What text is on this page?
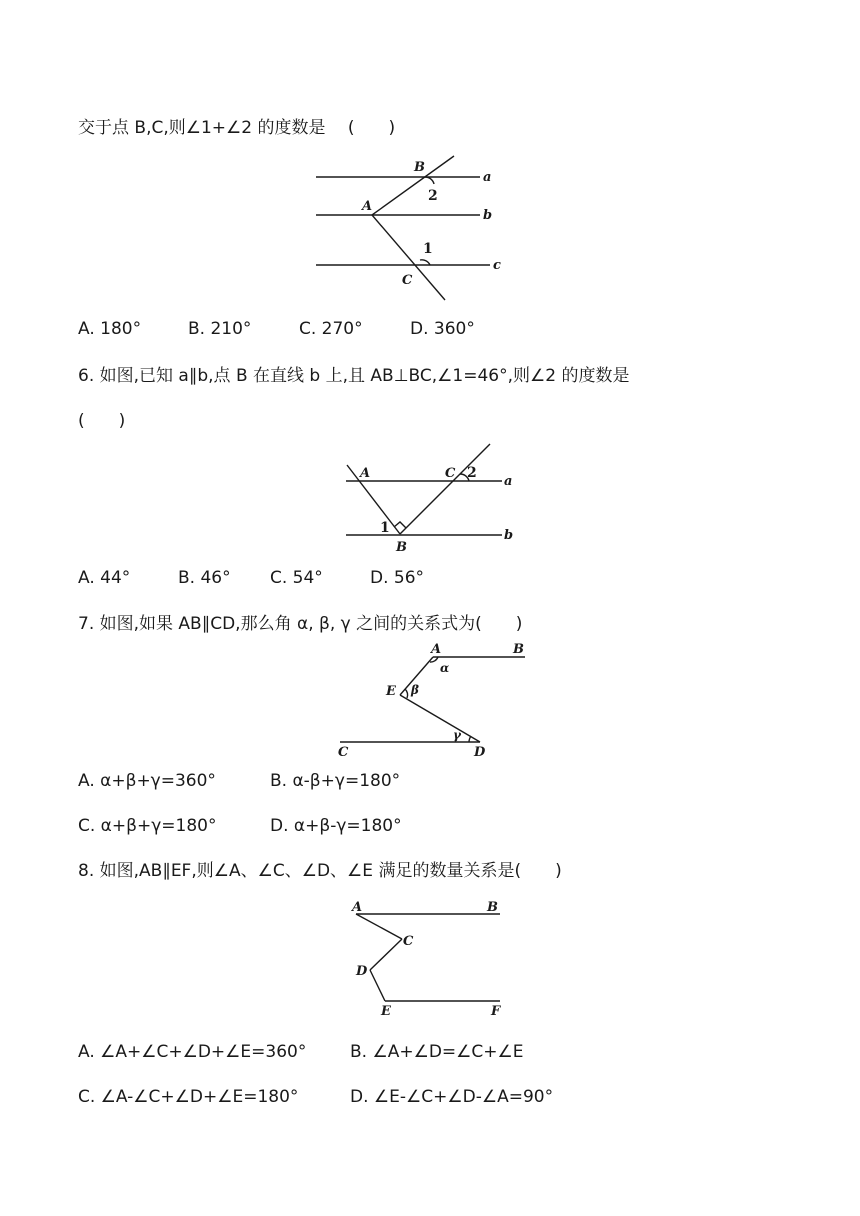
交于点 B,C,则∠1+∠2 的度数是 　(　　)
B
A
C
2
1
a
b
c
A. 180°	B. 210°	C. 270°	D. 360°
6. 如图,已知 a∥b,点 B 在直线 b 上,且 AB⊥BC,∠1=46°,则∠2 的度数是
(　　)
A	C
B
1
2
a
b
A. 44°	B. 46° C. 54°	D. 56°
7. 如图,如果 AB∥CD,那么角 α, β, γ 之间的关系式为(　　)
A	B
E
C	D
α
β
γ
A. α+β+γ=360°	B. α-β+γ=180°
C. α+β+γ=180°	D. α+β-γ=180°
8. 如图,AB∥EF,则∠A、∠C、∠D、∠E 满足的数量关系是(　　)
A	B
C
D
E	F
A. ∠A+∠C+∠D+∠E=360°	B. ∠A+∠D=∠C+∠E
C. ∠A-∠C+∠D+∠E=180°	D. ∠E-∠C+∠D-∠A=90°
